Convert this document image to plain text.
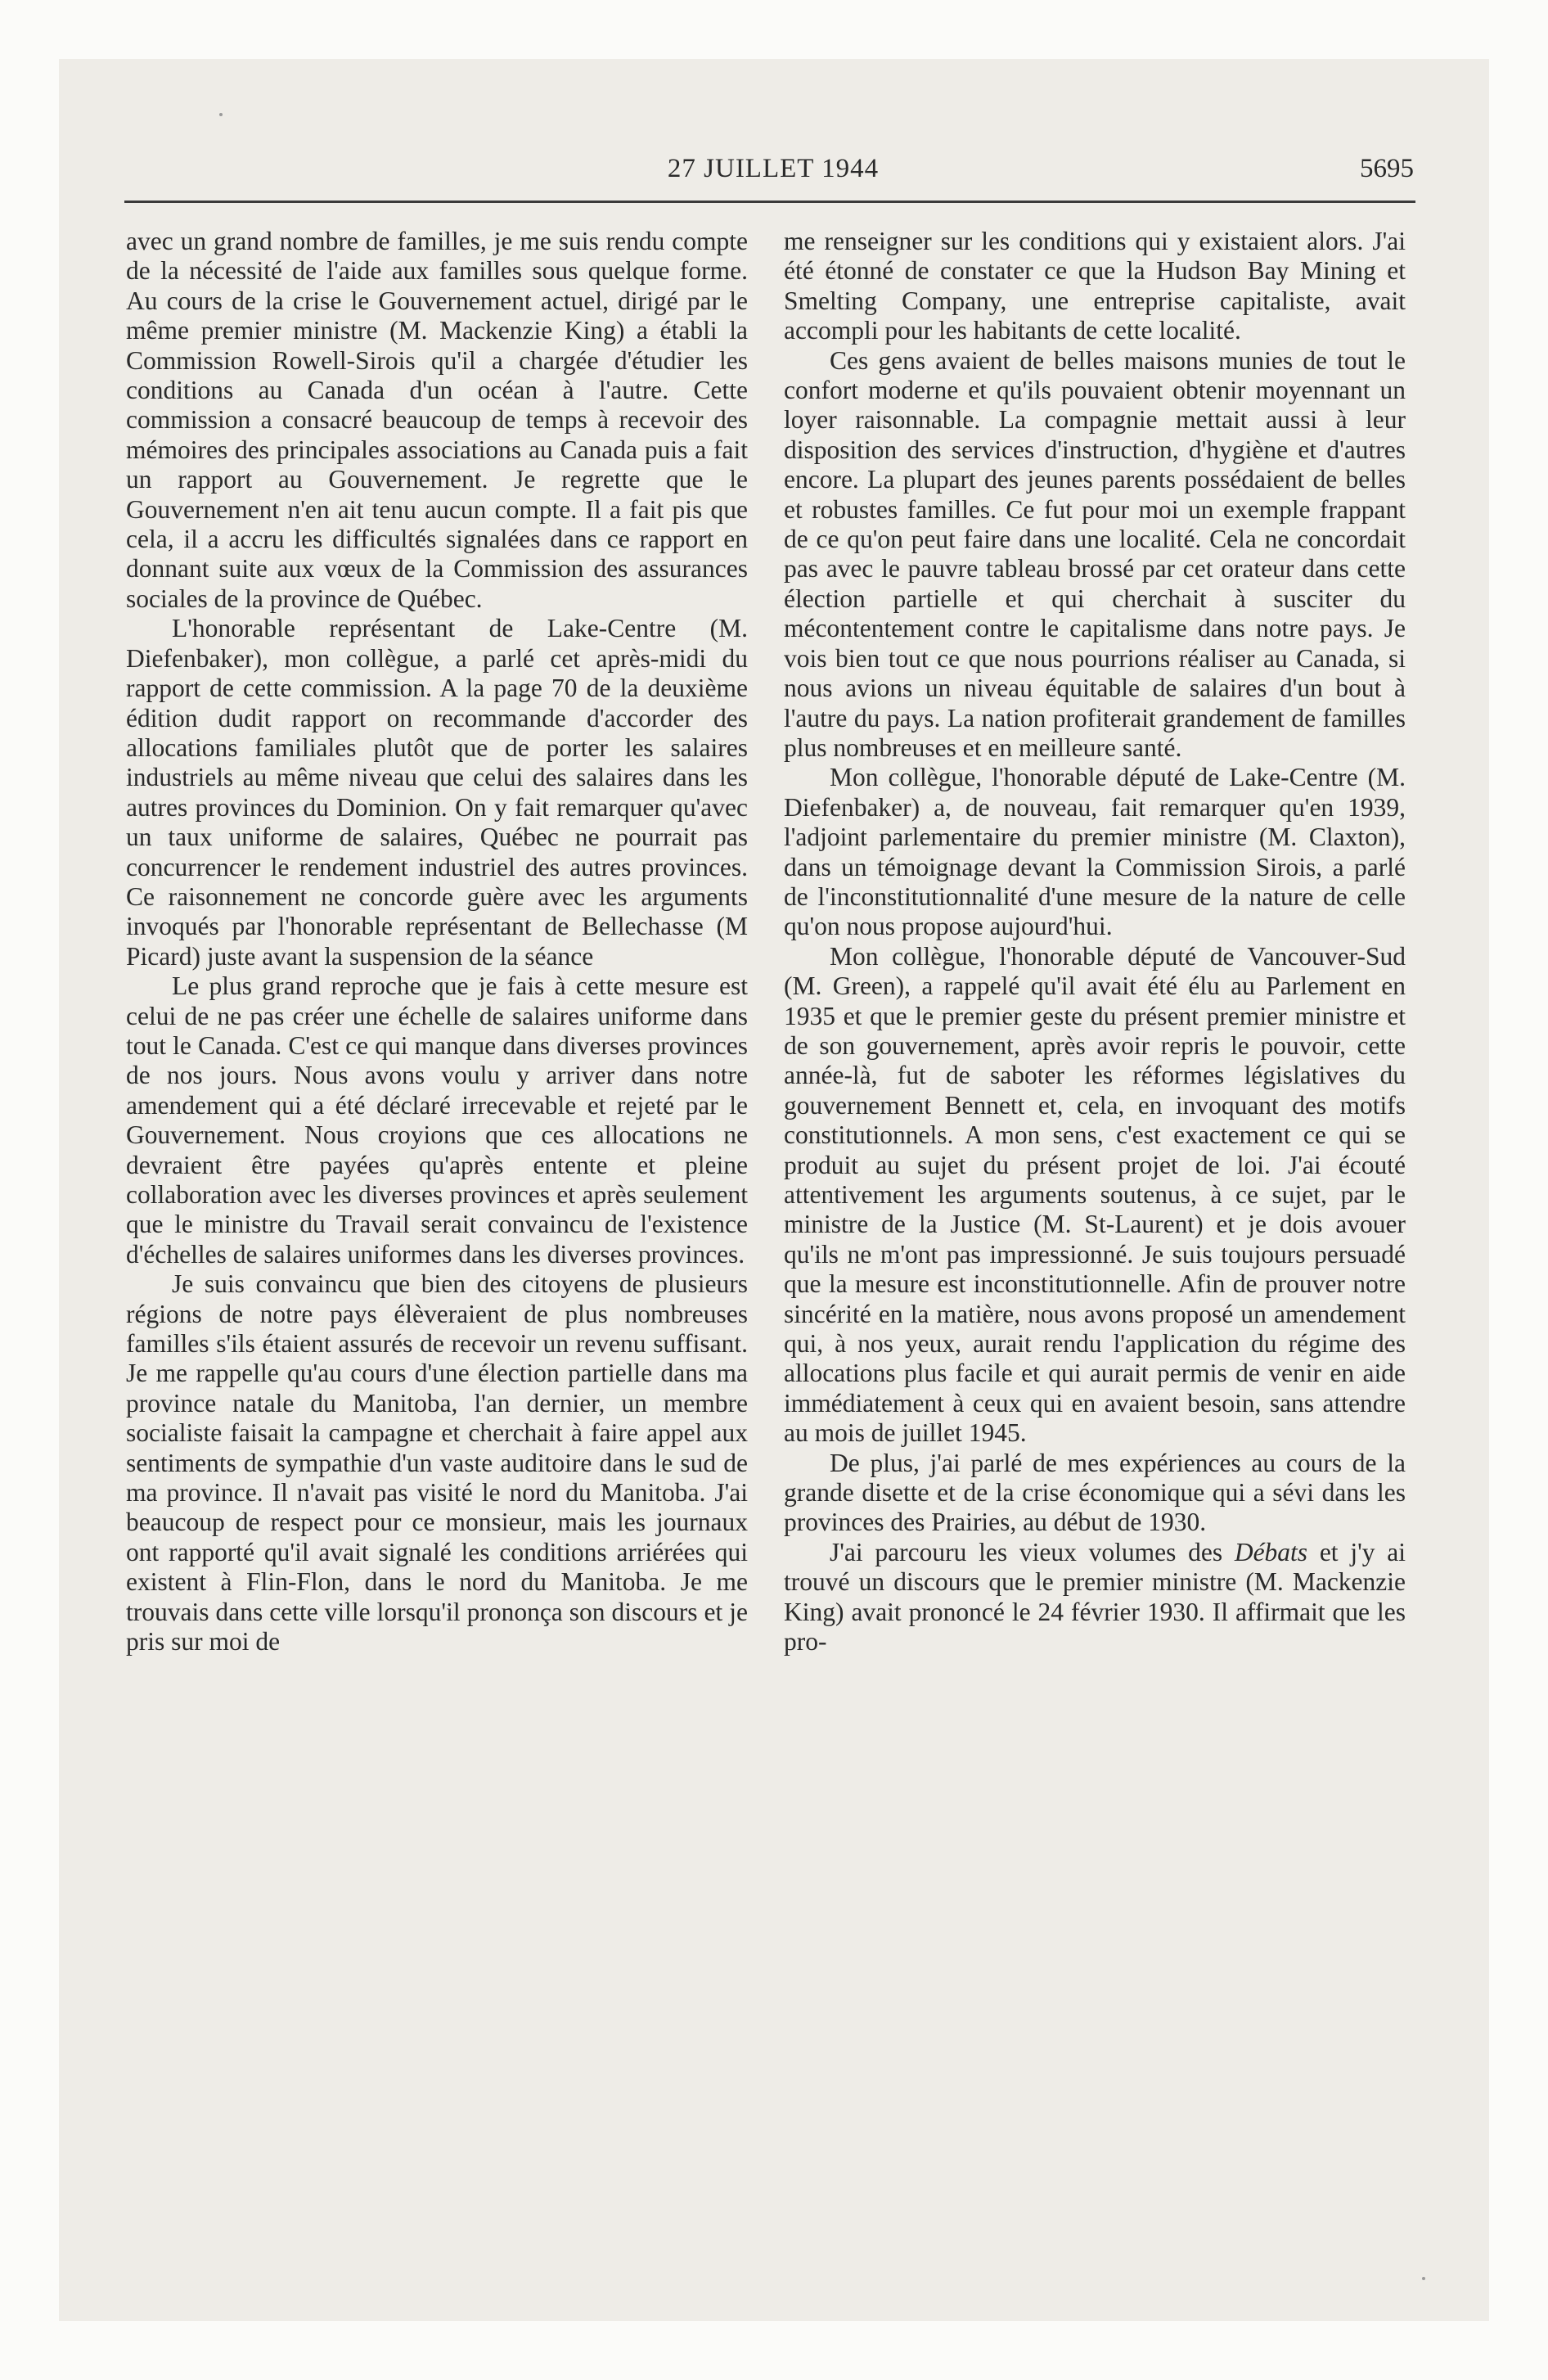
27 JUILLET 1944	5695

avec un grand nombre de familles, je me suis rendu compte de la nécessité de l'aide aux familles sous quelque forme. Au cours de la crise le Gouvernement actuel, dirigé par le même premier ministre (M. Mackenzie King) a établi la Commission Rowell-Sirois qu'il a chargée d'étudier les conditions au Canada d'un océan à l'autre. Cette commission a consacré beaucoup de temps à recevoir des mémoires des principales associations au Canada puis a fait un rapport au Gouvernement. Je regrette que le Gouvernement n'en ait tenu aucun compte. Il a fait pis que cela, il a accru les difficultés signalées dans ce rapport en donnant suite aux vœux de la Commission des assurances sociales de la province de Québec.

L'honorable représentant de Lake-Centre (M. Diefenbaker), mon collègue, a parlé cet après-midi du rapport de cette commission. A la page 70 de la deuxième édition dudit rapport on recommande d'accorder des allocations familiales plutôt que de porter les salaires industriels au même niveau que celui des salaires dans les autres provinces du Dominion. On y fait remarquer qu'avec un taux uniforme de salaires, Québec ne pourrait pas concurrencer le rendement industriel des autres provinces. Ce raisonnement ne concorde guère avec les arguments invoqués par l'honorable représentant de Bellechasse (M Picard) juste avant la suspension de la séance

Le plus grand reproche que je fais à cette mesure est celui de ne pas créer une échelle de salaires uniforme dans tout le Canada. C'est ce qui manque dans diverses provinces de nos jours. Nous avons voulu y arriver dans notre amendement qui a été déclaré irrecevable et rejeté par le Gouvernement. Nous croyions que ces allocations ne devraient être payées qu'après entente et pleine collaboration avec les diverses provinces et après seulement que le ministre du Travail serait convaincu de l'existence d'échelles de salaires uniformes dans les diverses provinces.

Je suis convaincu que bien des citoyens de plusieurs régions de notre pays élèveraient de plus nombreuses familles s'ils étaient assurés de recevoir un revenu suffisant. Je me rappelle qu'au cours d'une élection partielle dans ma province natale du Manitoba, l'an dernier, un membre socialiste faisait la campagne et cherchait à faire appel aux sentiments de sympathie d'un vaste auditoire dans le sud de ma province. Il n'avait pas visité le nord du Manitoba. J'ai beaucoup de respect pour ce monsieur, mais les journaux ont rapporté qu'il avait signalé les conditions arriérées qui existent à Flin-Flon, dans le nord du Manitoba. Je me trouvais dans cette ville lorsqu'il prononça son discours et je pris sur moi de

me renseigner sur les conditions qui y existaient alors. J'ai été étonné de constater ce que la Hudson Bay Mining et Smelting Company, une entreprise capitaliste, avait accompli pour les habitants de cette localité.

Ces gens avaient de belles maisons munies de tout le confort moderne et qu'ils pouvaient obtenir moyennant un loyer raisonnable. La compagnie mettait aussi à leur disposition des services d'instruction, d'hygiène et d'autres encore. La plupart des jeunes parents possédaient de belles et robustes familles. Ce fut pour moi un exemple frappant de ce qu'on peut faire dans une localité. Cela ne concordait pas avec le pauvre tableau brossé par cet orateur dans cette élection partielle et qui cherchait à susciter du mécontentement contre le capitalisme dans notre pays. Je vois bien tout ce que nous pourrions réaliser au Canada, si nous avions un niveau équitable de salaires d'un bout à l'autre du pays. La nation profiterait grandement de familles plus nombreuses et en meilleure santé.

Mon collègue, l'honorable député de Lake-Centre (M. Diefenbaker) a, de nouveau, fait remarquer qu'en 1939, l'adjoint parlementaire du premier ministre (M. Claxton), dans un témoignage devant la Commission Sirois, a parlé de l'inconstitutionnalité d'une mesure de la nature de celle qu'on nous propose aujourd'hui.

Mon collègue, l'honorable député de Vancouver-Sud (M. Green), a rappelé qu'il avait été élu au Parlement en 1935 et que le premier geste du présent premier ministre et de son gouvernement, après avoir repris le pouvoir, cette année-là, fut de saboter les réformes législatives du gouvernement Bennett et, cela, en invoquant des motifs constitutionnels. A mon sens, c'est exactement ce qui se produit au sujet du présent projet de loi. J'ai écouté attentivement les arguments soutenus, à ce sujet, par le ministre de la Justice (M. St-Laurent) et je dois avouer qu'ils ne m'ont pas impressionné. Je suis toujours persuadé que la mesure est inconstitutionnelle. Afin de prouver notre sincérité en la matière, nous avons proposé un amendement qui, à nos yeux, aurait rendu l'application du régime des allocations plus facile et qui aurait permis de venir en aide immédiatement à ceux qui en avaient besoin, sans attendre au mois de juillet 1945.

De plus, j'ai parlé de mes expériences au cours de la grande disette et de la crise économique qui a sévi dans les provinces des Prairies, au début de 1930.

J'ai parcouru les vieux volumes des Débats et j'y ai trouvé un discours que le premier ministre (M. Mackenzie King) avait prononcé le 24 février 1930. Il affirmait que les pro-
